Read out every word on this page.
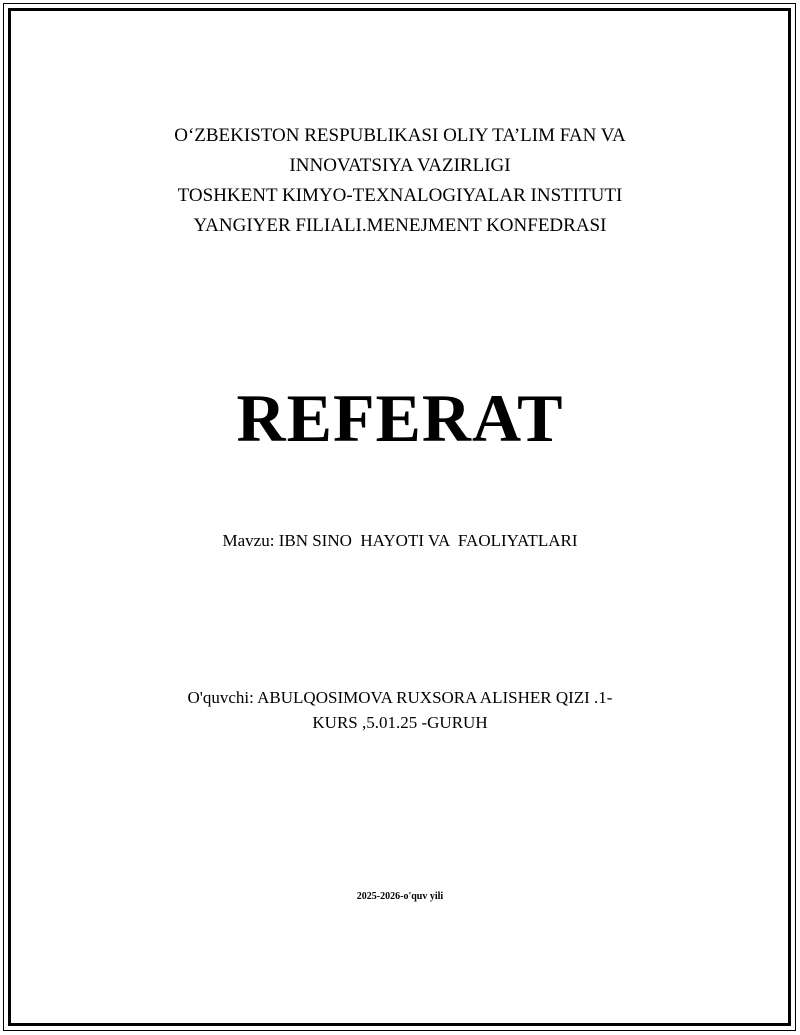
O‘ZBEKISTON RESPUBLIKASI OLIY TA’LIM FAN VA
INNOVATSIYA VAZIRLIGI
TOSHKENT KIMYO-TEXNALOGIYALAR INSTITUTI
YANGIYER FILIALI.MENEJMENT KONFEDRASI
REFERAT
Mavzu: IBN SINO  HAYOTI VA  FAOLIYATLARI
O'quvchi: ABULQOSIMOVA RUXSORA ALISHER QIZI .1-
KURS ,5.01.25 -GURUH
2025-2026-o'quv yili
